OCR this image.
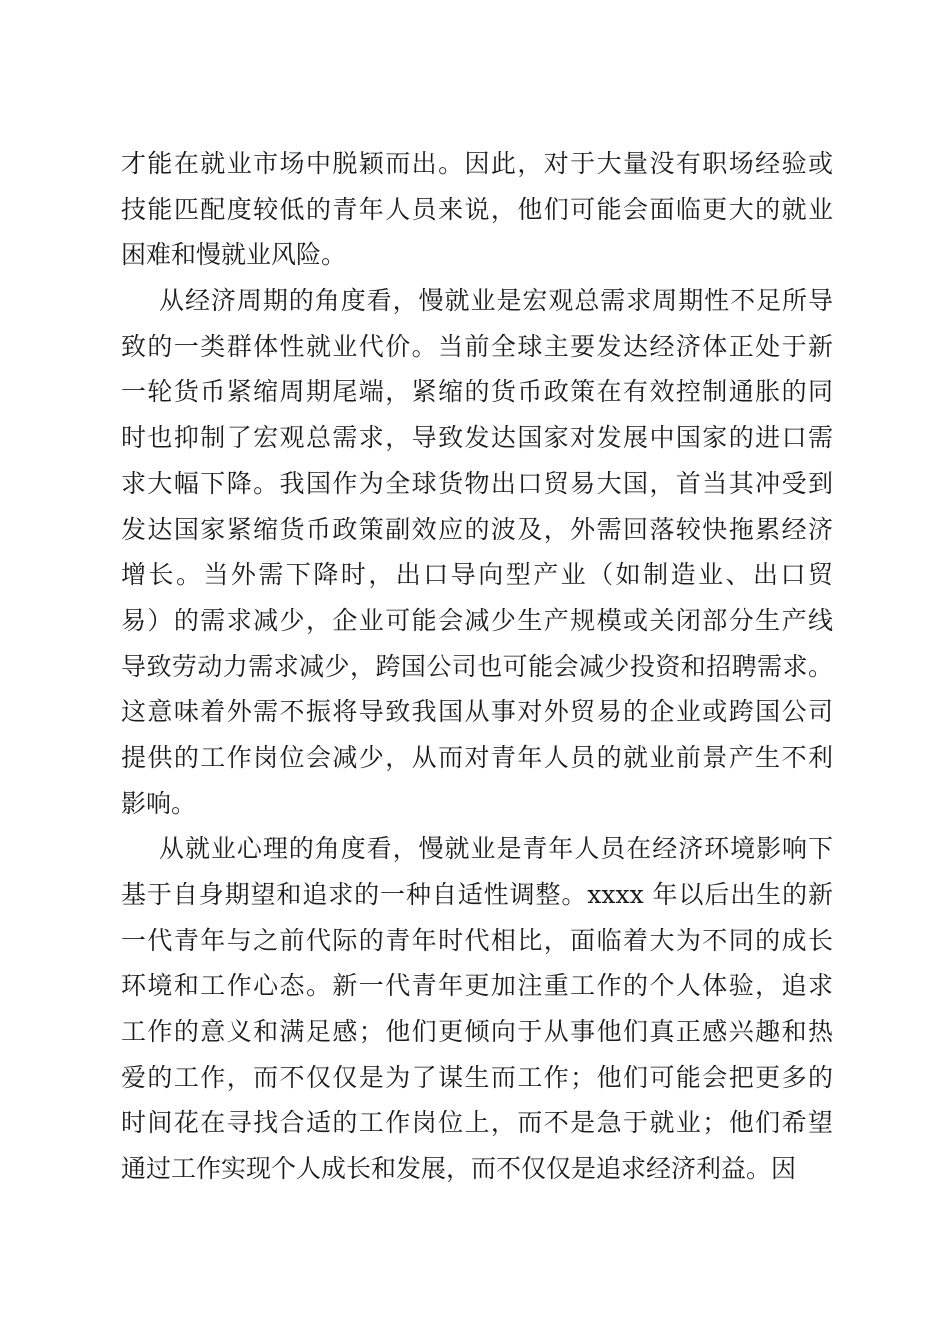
才能在就业市场中脱颖而出。因此，对于大量没有职场经验或
技能匹配度较低的青年人员来说，他们可能会面临更大的就业
困难和慢就业风险。
从经济周期的角度看，慢就业是宏观总需求周期性不足所导
致的一类群体性就业代价。当前全球主要发达经济体正处于新
一轮货币紧缩周期尾端，紧缩的货币政策在有效控制通胀的同
时也抑制了宏观总需求，导致发达国家对发展中国家的进口需
求大幅下降。我国作为全球货物出口贸易大国，首当其冲受到
发达国家紧缩货币政策副效应的波及，外需回落较快拖累经济
增长。当外需下降时，出口导向型产业（如制造业、出口贸
易）的需求减少，企业可能会减少生产规模或关闭部分生产线
导致劳动力需求减少，跨国公司也可能会减少投资和招聘需求。
这意味着外需不振将导致我国从事对外贸易的企业或跨国公司
提供的工作岗位会减少，从而对青年人员的就业前景产生不利
影响。
从就业心理的角度看，慢就业是青年人员在经济环境影响下
基于自身期望和追求的一种自适性调整。xxxx 年以后出生的新
一代青年与之前代际的青年时代相比，面临着大为不同的成长
环境和工作心态。新一代青年更加注重工作的个人体验，追求
工作的意义和满足感；他们更倾向于从事他们真正感兴趣和热
爱的工作，而不仅仅是为了谋生而工作；他们可能会把更多的
时间花在寻找合适的工作岗位上，而不是急于就业；他们希望
通过工作实现个人成长和发展，而不仅仅是追求经济利益。因
